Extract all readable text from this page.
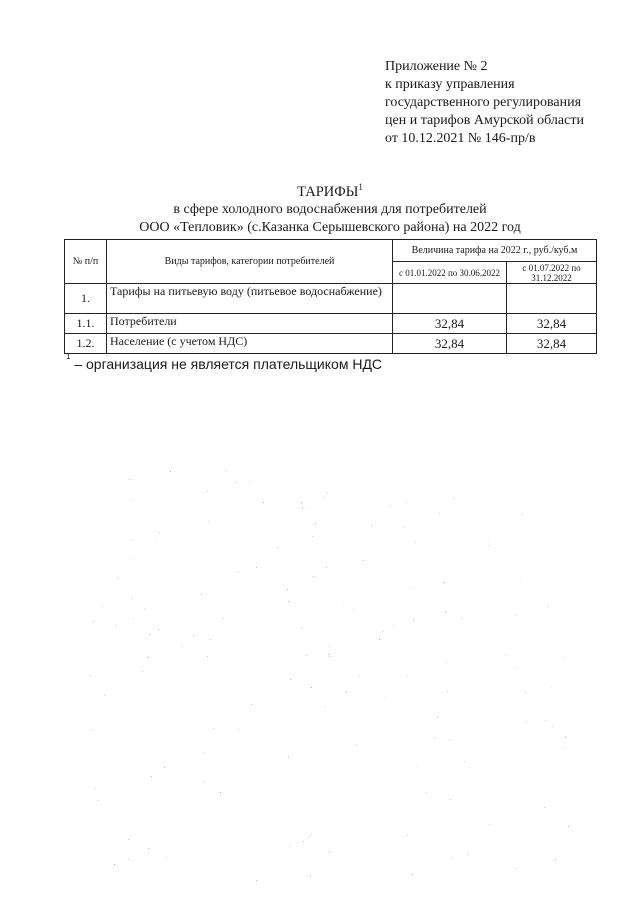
Приложение № 2
к приказу управления
государственного регулирования
цен и тарифов Амурской области
от 10.12.2021 № 146-пр/в
ТАРИФЫ$^1$
в сфере холодного водоснабжения для потребителей
ООО «Тепловик» (с.Казанка Серышевского района) на 2022 год
№ п/п	Виды тарифов, категории потребителей	Величина тарифа на 2022 г., руб./куб.м	
		с 01.01.2022 по 30.06.2022	с 01.07.2022 по 31.12.2022
1.	Тарифы на питьевую воду (питьевое водоснабжение)		
1.1.	Потребители	32,84	32,84
1.2.	Население (с учетом НДС)	32,84	32,84
$^1$ – организация не является плательщиком НДС
